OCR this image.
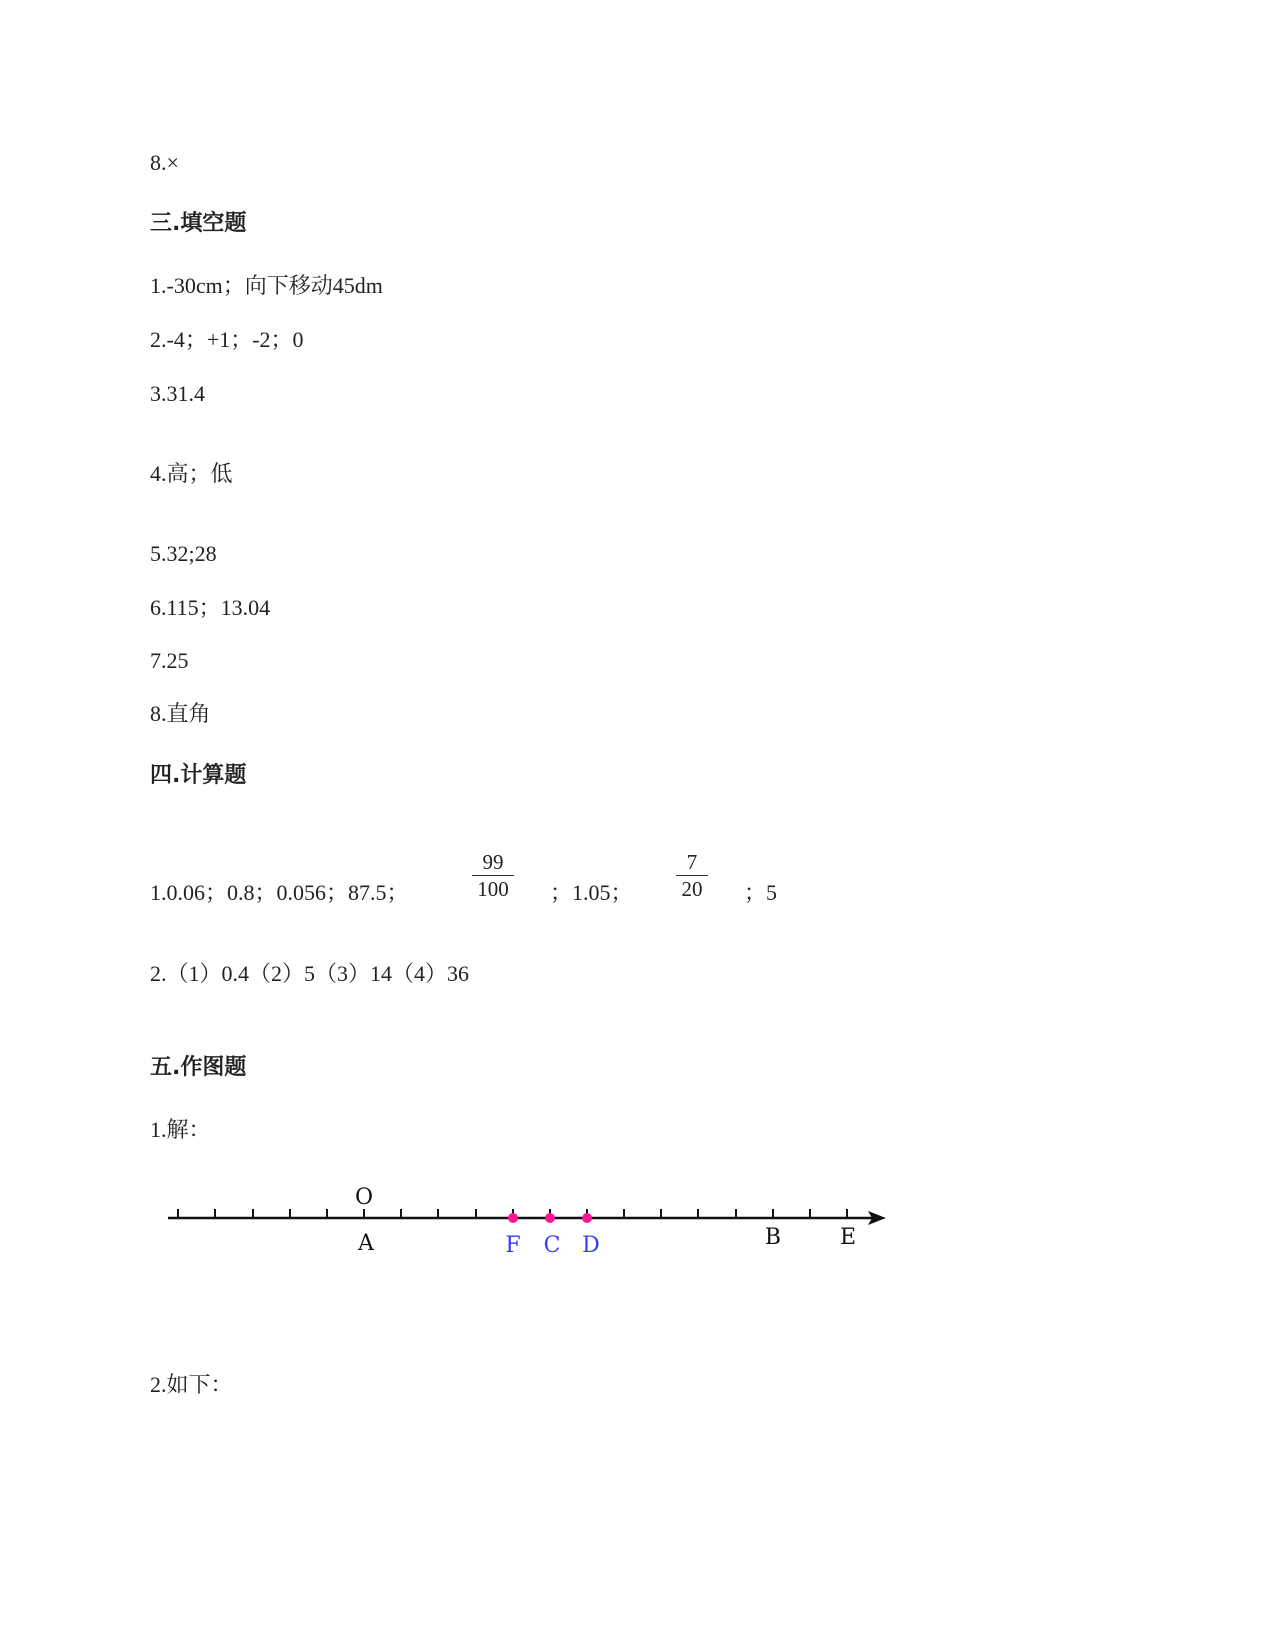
8.×
三.填空题
1.-30cm；向下移动45dm
2.-4；+1；-2；0
3.31.4
4.高；低
5.32;28
6.115；13.04
7.25
8.直角
四.计算题
1.0.06；0.8；0.056；87.5；
99
100 ；1.05；
7
20 ；5
2.（1）0.4（2）5（3）14（4）36
五.作图题
1.解：
O
A	F C D	B	E
2.如下：
